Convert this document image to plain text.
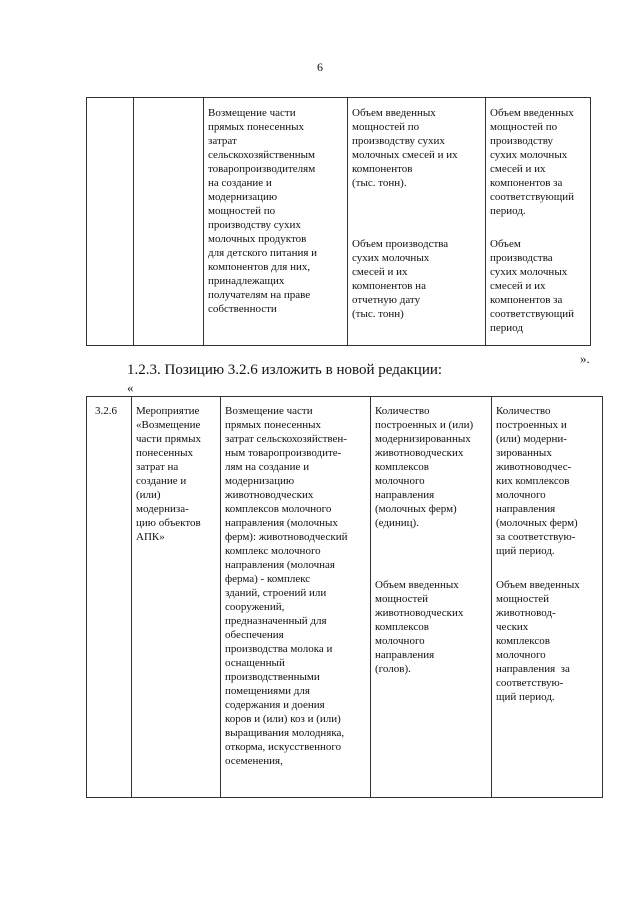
6
Возмещение части
прямых понесенных
затрат
сельскохозяйственным
товаропроизводителям
на создание и
модернизацию
мощностей по
производству сухих
молочных продуктов
для детского питания и
компонентов для них,
принадлежащих
получателям на праве
собственности
Объем введенных
мощностей по
производству сухих
молочных смесей и их
компонентов
(тыс. тонн).
Объем производства
сухих молочных
смесей и их
компонентов на
отчетную дату
(тыс. тонн)
Объем введенных
мощностей по
производству
сухих молочных
смесей и их
компонентов за
соответствующий
период.
Объем
производства
сухих молочных
смесей и их
компонентов за
соответствующий
период
».
1.2.3. Позицию 3.2.6 изложить в новой редакции:
«
3.2.6 Мероприятие
«Возмещение
части прямых
понесенных
затрат на
создание и
(или)
модерниза-
цию объектов
АПК»
Возмещение части
прямых понесенных
затрат сельскохозяйствен-
ным товаропроизводите-
лям на создание и
модернизацию
животноводческих
комплексов молочного
направления (молочных
ферм): животноводческий
комплекс молочного
направления (молочная
ферма) - комплекс
зданий, строений или
сооружений,
предназначенный для
обеспечения
производства молока и
оснащенный
производственными
помещениями для
содержания и доения
коров и (или) коз и (или)
выращивания молодняка,
откорма, искусственного
осеменения,
Количество
построенных и (или)
модернизированных
животноводческих
комплексов
молочного
направления
(молочных ферм)
(единиц).
Объем введенных
мощностей
животноводческих
комплексов
молочного
направления
(голов).
Количество
построенных и
(или) модерни-
зированных
животноводчес-
ких комплексов
молочного
направления
(молочных ферм)
за соответствую-
щий период.
Объем введенных
мощностей
животновод-
ческих
комплексов
молочного
направления  за
соответствую-
щий период.
